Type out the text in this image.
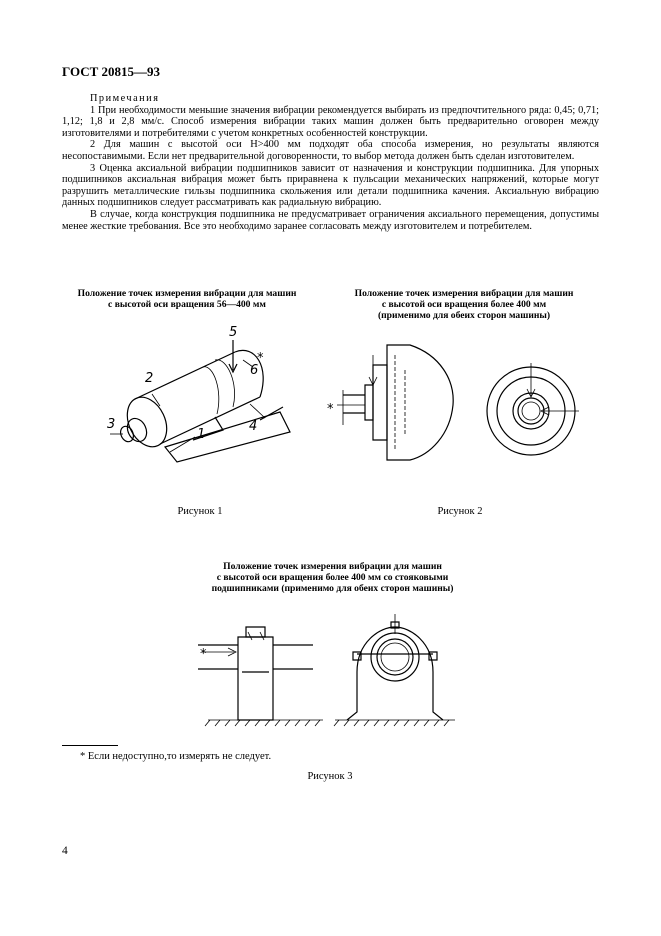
ГОСТ 20815—93

Примечания

1 При необходимости меньшие значения вибрации рекомендуется выбирать из предпочтительного ряда: 0,45; 0,71; 1,12; 1,8 и 2,8 мм/с. Способ измерения вибрации таких машин должен быть предварительно оговорен между изготовителями и потребителями с учетом конкретных особенностей конструкции.

2 Для машин с высотой оси H>400 мм подходят оба способа измерения, но результаты являются несопоставимыми. Если нет предварительной договоренности, то выбор метода должен быть сделан изготовителем.

3 Оценка аксиальной вибрации подшипников зависит от назначения и конструкции подшипника. Для упорных подшипников аксиальная вибрация может быть приравнена к пульсации механических напряжений, которые могут разрушить металлические гильзы подшипника скольжения или детали подшипника качения. Аксиальную вибрацию данных подшипников следует рассматривать как радиальную вибрацию.

В случае, когда конструкция подшипника не предусматривает ограничения аксиального перемещения, допустимы менее жесткие требования. Все это необходимо заранее согласовать между изготовителем и потребителем.

Положение точек измерения вибрации для машин
с высотой оси вращения 56—400 мм
Положение точек измерения вибрации для машин
с высотой оси вращения более 400 мм
(применимо для обеих сторон машины)
5
*
6
2
3	4
1
*
Рисунок 1	Рисунок 2
Положение точек измерения вибрации для машин
с высотой оси вращения более 400 мм со стояковыми
подшипниками (применимо для обеих сторон машины)
*
* Если недоступно,то измерять не следует.
Рисунок 3
4
